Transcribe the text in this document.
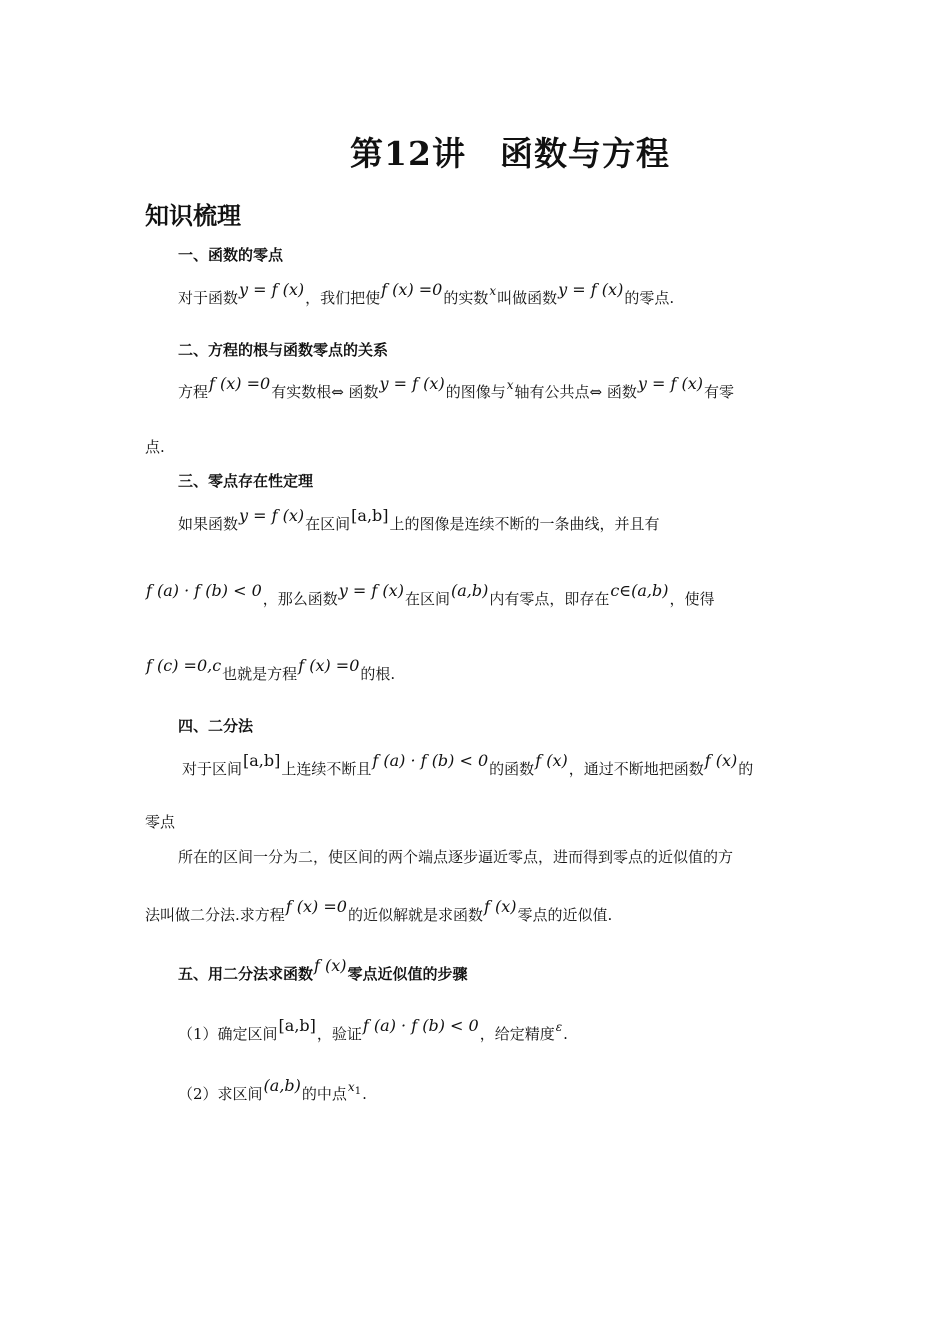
第12讲　函数与方程
知识梳理
一、函数的零点
对于函数y = f (x)，我们把使f (x) =0的实数$^x$叫做函数y = f (x)的零点.
二、方程的根与函数零点的关系
方程f (x) =0有实数根⇔ 函数y = f (x)的图像与$^x$轴有公共点⇔ 函数y = f (x)有零
点.
三、零点存在性定理
如果函数y = f (x)在区间[a,b]上的图像是连续不断的一条曲线，并且有
f (a) · f (b) < 0，那么函数y = f (x)在区间(a,b)内有零点，即存在c∈(a,b)，使得
f (c) =0,c也就是方程f (x) =0的根.
四、二分法
对于区间[a,b]上连续不断且f (a) · f (b) < 0的函数f (x)，通过不断地把函数f (x)的
零点
所在的区间一分为二，使区间的两个端点逐步逼近零点，进而得到零点的近似值的方
法叫做二分法.求方程f (x) =0的近似解就是求函数f (x)零点的近似值.
五、用二分法求函数f (x)零点近似值的步骤
（1）确定区间[a,b]，验证f (a) · f (b) < 0，给定精度$^\varepsilon$.
（2）求区间(a,b)的中点$^{x_1}$.
